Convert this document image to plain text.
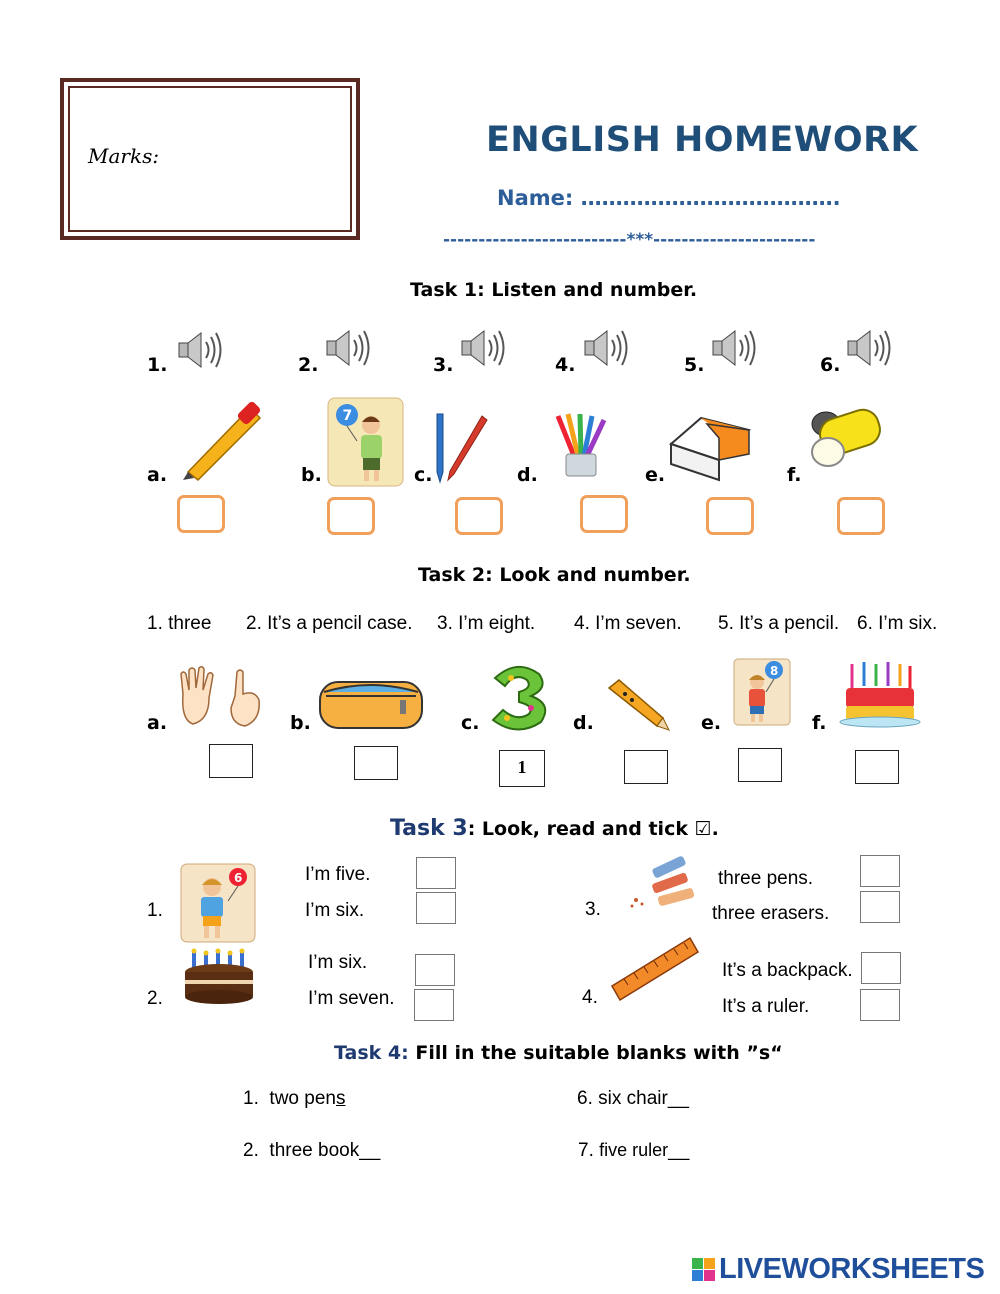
Marks:	ENGLISH HOMEWORK
Name: ……………………………….
--------------------------***-----------------------
Task 1: Listen and number.
1.	2.	3.	4.	5.	6.
a.	b.	c.	d.	e.	f.
7
Task 2: Look and number.
1. three 2. It’s a pencil case. 3. I’m eight. 4. I’m seven. 5. It’s a pencil. 6. I’m six.
a.	b.	c.	d.	e.	f.
8
1
Task 3: Look, read and tick ☑.
1.
6	I’m five.
I’m six.
2.
I’m six.
I’m seven.
3.
three pens.
three erasers.
4.
It’s a backpack.
It’s a ruler.
Task 4: Fill in the suitable blanks with ”s“
1. two pens	6. six chair__
2. three book__	7. five ruler__
LIVEWORKSHEETS
